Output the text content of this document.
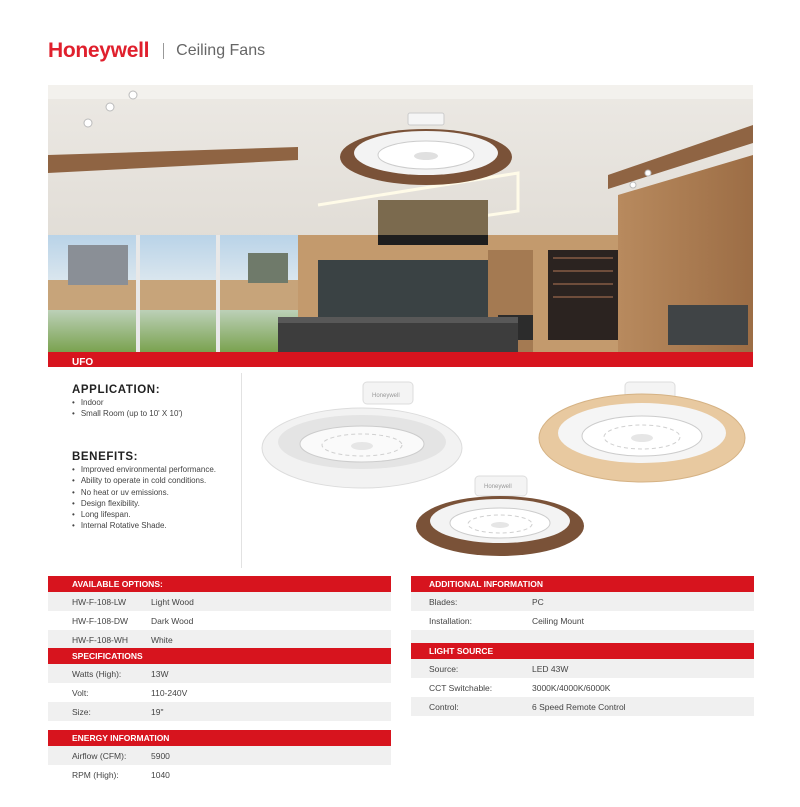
Honeywell Ceiling Fans
UFO
APPLICATION:
• Indoor
• Small Room (up to 10' X 10')
BENEFITS:
• Improved environmental performance.
• Ability to operate in cold conditions.
• No heat or uv emissions.
• Design flexibility.
• Long lifespan.
• Internal Rotative Shade.
Honeywell
Honeywell
AVAILABLE OPTIONS:
HW-F-108-LW	Light Wood
HW-F-108-DW	Dark Wood
HW-F-108-WH	White
SPECIFICATIONS
Watts (High):	13W
Volt:	110-240V
Size:	19"
ENERGY INFORMATION
Airflow (CFM):	5900
RPM (High):	1040
ADDITIONAL INFORMATION
Blades:	PC
Installation:	Ceiling Mount
LIGHT SOURCE
Source:	LED 43W
CCT Switchable:	3000K/4000K/6000K
Control:	6 Speed Remote Control
